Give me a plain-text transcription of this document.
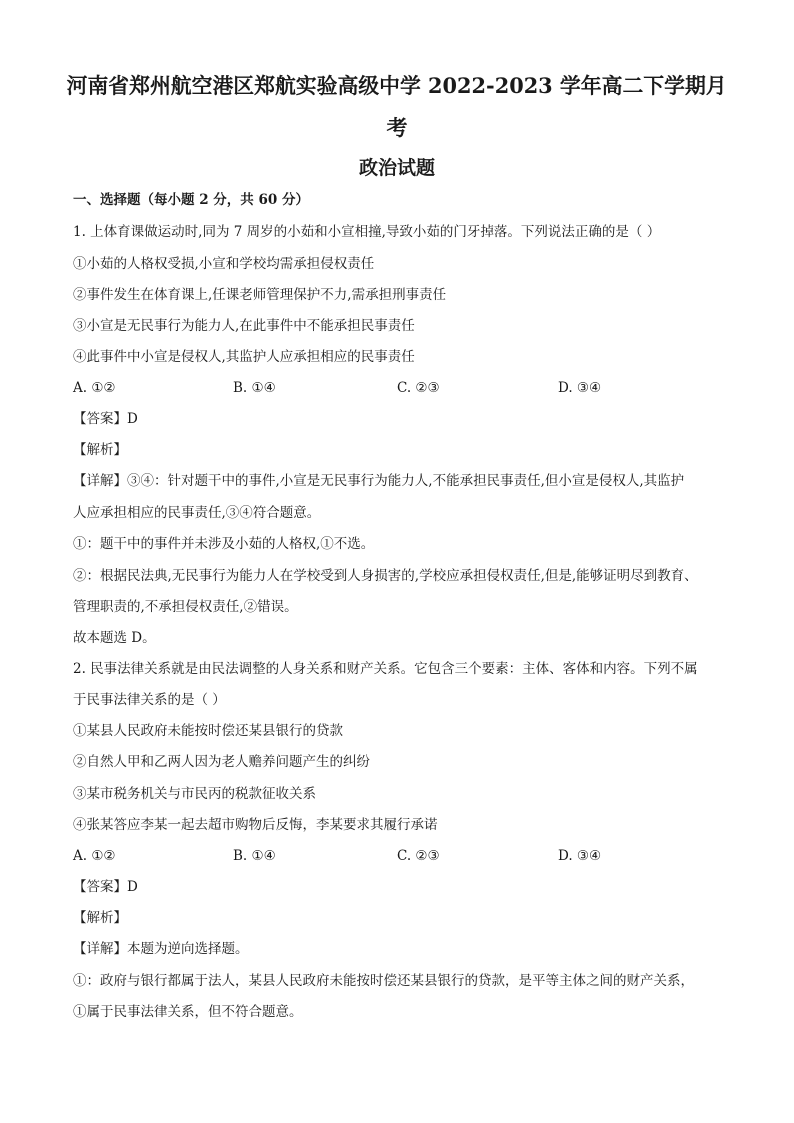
河南省郑州航空港区郑航实验高级中学 2022-2023 学年高二下学期月
考
政治试题
一、选择题（每小题 2 分，共 60 分）
1. 上体育课做运动时,同为 7 周岁的小茹和小宣相撞,导致小茹的门牙掉落。下列说法正确的是（ ）
①小茹的人格权受损,小宣和学校均需承担侵权责任
②事件发生在体育课上,任课老师管理保护不力,需承担刑事责任
③小宣是无民事行为能力人,在此事件中不能承担民事责任
④此事件中小宣是侵权人,其监护人应承担相应的民事责任
A. ①②	B. ①④	C. ②③	D. ③④
【答案】D
【解析】
【详解】③④：针对题干中的事件,小宣是无民事行为能力人,不能承担民事责任,但小宣是侵权人,其监护
人应承担相应的民事责任,③④符合题意。
①：题干中的事件并未涉及小茹的人格权,①不选。
②：根据民法典,无民事行为能力人在学校受到人身损害的,学校应承担侵权责任,但是,能够证明尽到教育、
管理职责的,不承担侵权责任,②错误。
故本题选 D。
2. 民事法律关系就是由民法调整的人身关系和财产关系。它包含三个要素：主体、客体和内容。下列不属
于民事法律关系的是（ ）
①某县人民政府未能按时偿还某县银行的贷款
②自然人甲和乙两人因为老人赡养问题产生的纠纷
③某市税务机关与市民丙的税款征收关系
④张某答应李某一起去超市购物后反悔，李某要求其履行承诺
A. ①②	B. ①④	C. ②③	D. ③④
【答案】D
【解析】
【详解】本题为逆向选择题。
①：政府与银行都属于法人，某县人民政府未能按时偿还某县银行的贷款，是平等主体之间的财产关系，
①属于民事法律关系，但不符合题意。
